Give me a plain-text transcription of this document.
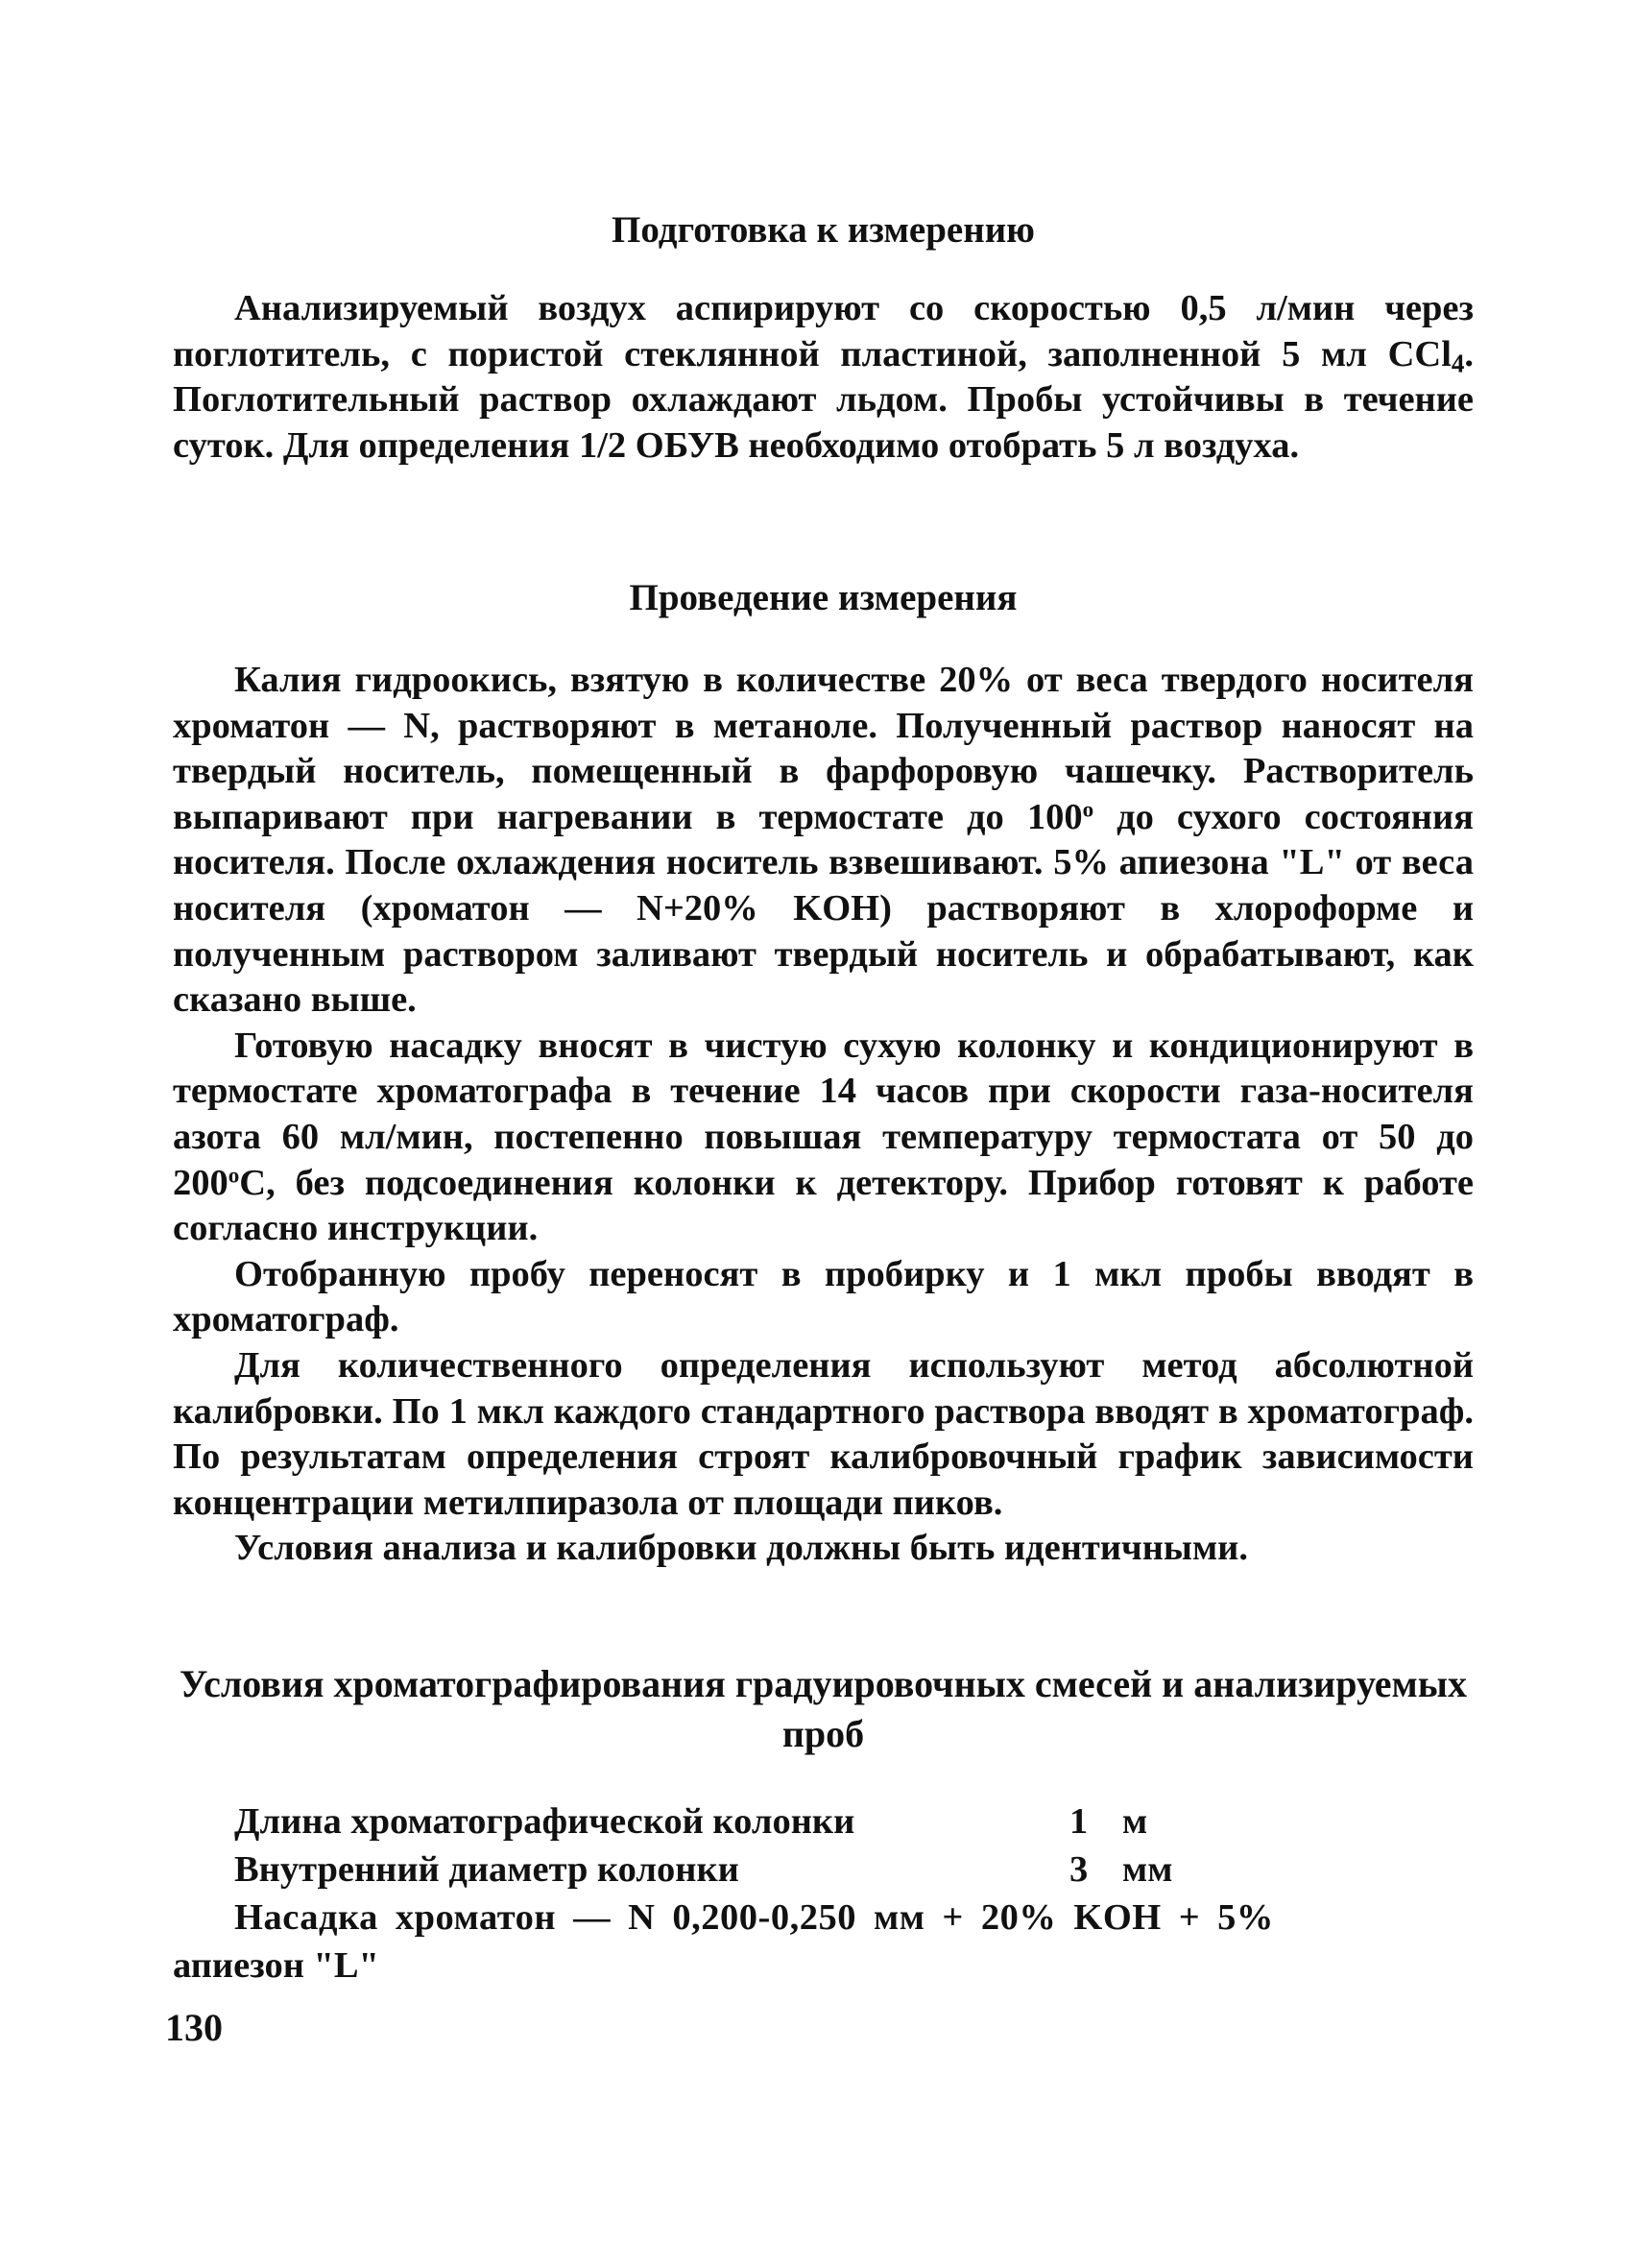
Подготовка к измерению

Анализируемый воздух аспирируют со скоростью 0,5 л/мин через поглотитель, с пористой стеклянной пластиной, заполненной 5 мл CCl$_4$. Поглотительный раствор охлаждают льдом. Пробы устойчивы в течение суток. Для определения 1/2 ОБУВ необходимо отобрать 5 л воздуха.

Проведение измерения

Калия гидроокись, взятую в количестве 20% от веса твердого носителя хроматон — N, растворяют в метаноле. Полученный раствор наносят на твердый носитель, помещенный в фарфоровую чашечку. Растворитель выпаривают при нагревании в термостате до $100^о$ до сухого состояния носителя. После охлаждения носитель взвешивают. 5% апиезона "L" от веса носителя (хроматон — N+20% KOH) растворяют в хлороформе и полученным раствором заливают твердый носитель и обрабатывают, как сказано выше.

Готовую насадку вносят в чистую сухую колонку и кондиционируют в термостате хроматографа в течение 14 часов при скорости газа-носителя азота 60 мл/мин, постепенно повышая температуру термостата от 50 до $200^оС$, без подсоединения колонки к детектору. Прибор готовят к работе согласно инструкции.

Отобранную пробу переносят в пробирку и 1 мкл пробы вводят в хроматограф.

Для количественного определения используют метод абсолютной калибровки. По 1 мкл каждого стандартного раствора вводят в хроматограф. По результатам определения строят калибровочный график зависимости концентрации метилпиразола от площади пиков.

Условия анализа и калибровки должны быть идентичными.

Условия хроматографирования градуировочных смесей и анализируемых проб
Длина хроматографической колонки	1 м
Внутренний диаметр колонки	3 мм
Насадка хроматон — N 0,200-0,250 мм + 20% KOH + 5%
апиезон "L"

130
